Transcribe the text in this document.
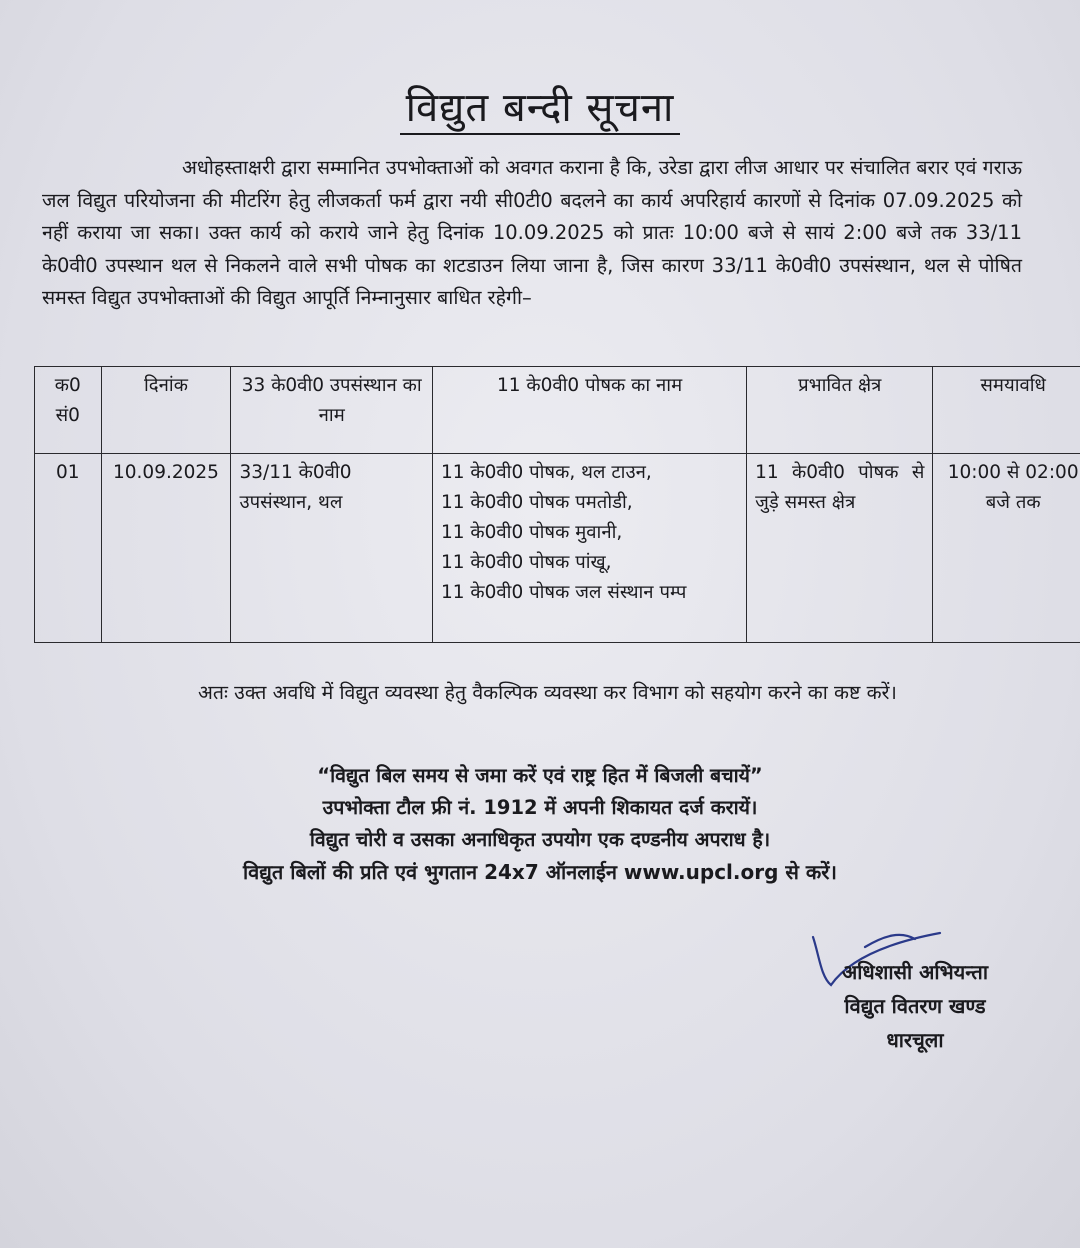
विद्युत बन्दी सूचना

अधोहस्ताक्षरी द्वारा सम्मानित उपभोक्ताओं को अवगत कराना है कि, उरेडा द्वारा लीज आधार पर संचालित बरार एवं गराऊ जल विद्युत परियोजना की मीटरिंग हेतु लीजकर्ता फर्म द्वारा नयी सी0टी0 बदलने का कार्य अपरिहार्य कारणों से दिनांक 07.09.2025 को नहीं कराया जा सका। उक्त कार्य को कराये जाने हेतु दिनांक 10.09.2025 को प्रातः 10:00 बजे से सायं 2:00 बजे तक 33/11 के0वी0 उपस्थान थल से निकलने वाले सभी पोषक का शटडाउन लिया जाना है, जिस कारण 33/11 के0वी0 उपसंस्थान, थल से पोषित समस्त विद्युत उपभोक्ताओं की विद्युत आपूर्ति निम्नानुसार बाधित रहेगी–

क0 सं0	दिनांक	33 के0वी0 उपसंस्थान का नाम	11 के0वी0 पोषक का नाम	प्रभावित क्षेत्र	समयावधि
01	10.09.2025	33/11 के0वी0 उपसंस्थान, थल	11 के0वी0 पोषक, थल टाउन,
11 के0वी0 पोषक पमतोडी,
11 के0वी0 पोषक मुवानी,
11 के0वी0 पोषक पांखू,
11 के0वी0 पोषक जल संस्थान पम्प	11 के0वी0 पोषक से जुड़े समस्त क्षेत्र	10:00 से 02:00 बजे तक

अतः उक्त अवधि में विद्युत व्यवस्था हेतु वैकल्पिक व्यवस्था कर विभाग को सहयोग करने का कष्ट करें।

“विद्युत बिल समय से जमा करें एवं राष्ट्र हित में बिजली बचायें”
उपभोक्ता टौल फ्री नं. 1912 में अपनी शिकायत दर्ज करायें।
विद्युत चोरी व उसका अनाधिकृत उपयोग एक दण्डनीय अपराध है।
विद्युत बिलों की प्रति एवं भुगतान 24x7 ऑनलाईन www.upcl.org से करें।
अधिशासी अभियन्ता
विद्युत वितरण खण्ड
धारचूला
